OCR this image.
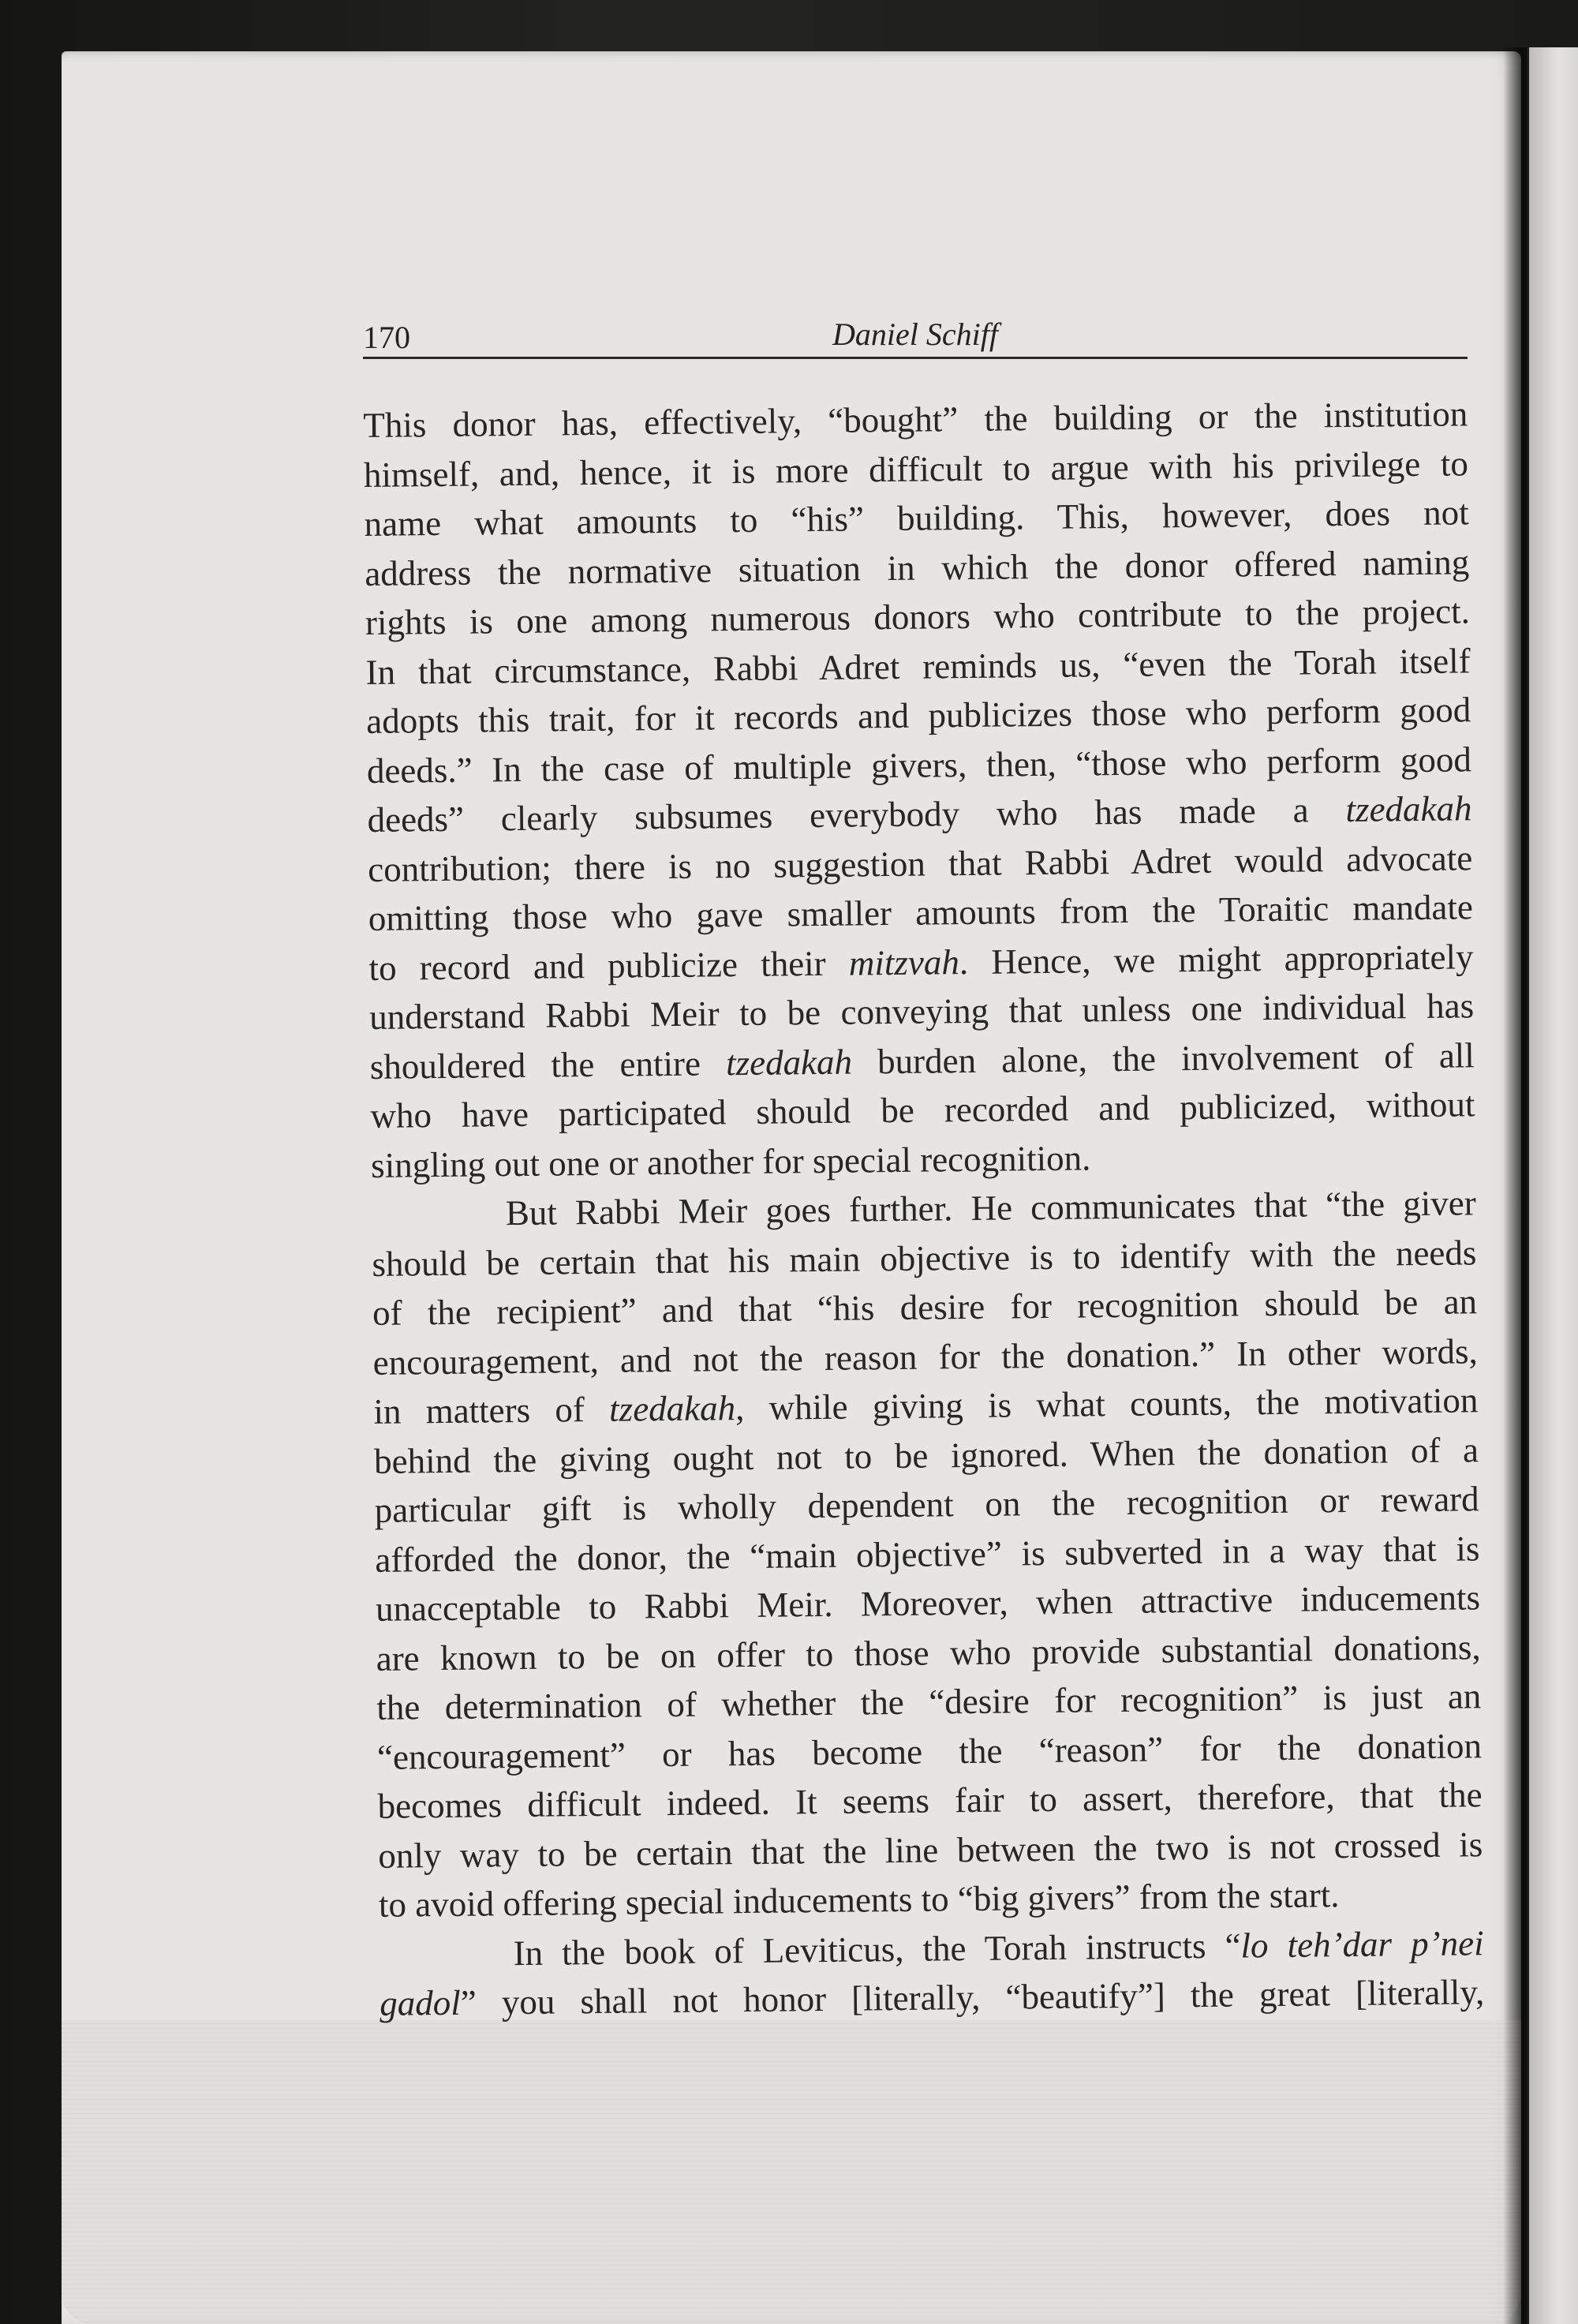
170	Daniel Schiff
This donor has, effectively, “bought” the building or the institution
himself, and, hence, it is more difficult to argue with his privilege to
name what amounts to “his” building. This, however, does not
address the normative situation in which the donor offered naming
rights is one among numerous donors who contribute to the project.
In that circumstance, Rabbi Adret reminds us, “even the Torah itself
adopts this trait, for it records and publicizes those who perform good
deeds.” In the case of multiple givers, then, “those who perform good
deeds” clearly subsumes everybody who has made a tzedakah
contribution; there is no suggestion that Rabbi Adret would advocate
omitting those who gave smaller amounts from the Toraitic mandate
to record and publicize their mitzvah. Hence, we might appropriately
understand Rabbi Meir to be conveying that unless one individual has
shouldered the entire tzedakah burden alone, the involvement of all
who have participated should be recorded and publicized, without
singling out one or another for special recognition.
But Rabbi Meir goes further. He communicates that “the giver
should be certain that his main objective is to identify with the needs
of the recipient” and that “his desire for recognition should be an
encouragement, and not the reason for the donation.” In other words,
in matters of tzedakah, while giving is what counts, the motivation
behind the giving ought not to be ignored. When the donation of a
particular gift is wholly dependent on the recognition or reward
afforded the donor, the “main objective” is subverted in a way that is
unacceptable to Rabbi Meir. Moreover, when attractive inducements
are known to be on offer to those who provide substantial donations,
the determination of whether the “desire for recognition” is just an
“encouragement” or has become the “reason” for the donation
becomes difficult indeed. It seems fair to assert, therefore, that the
only way to be certain that the line between the two is not crossed is
to avoid offering special inducements to “big givers” from the start.
In the book of Leviticus, the Torah instructs “lo teh’dar p’nei
gadol” you shall not honor [literally, “beautify”] the great [literally,
